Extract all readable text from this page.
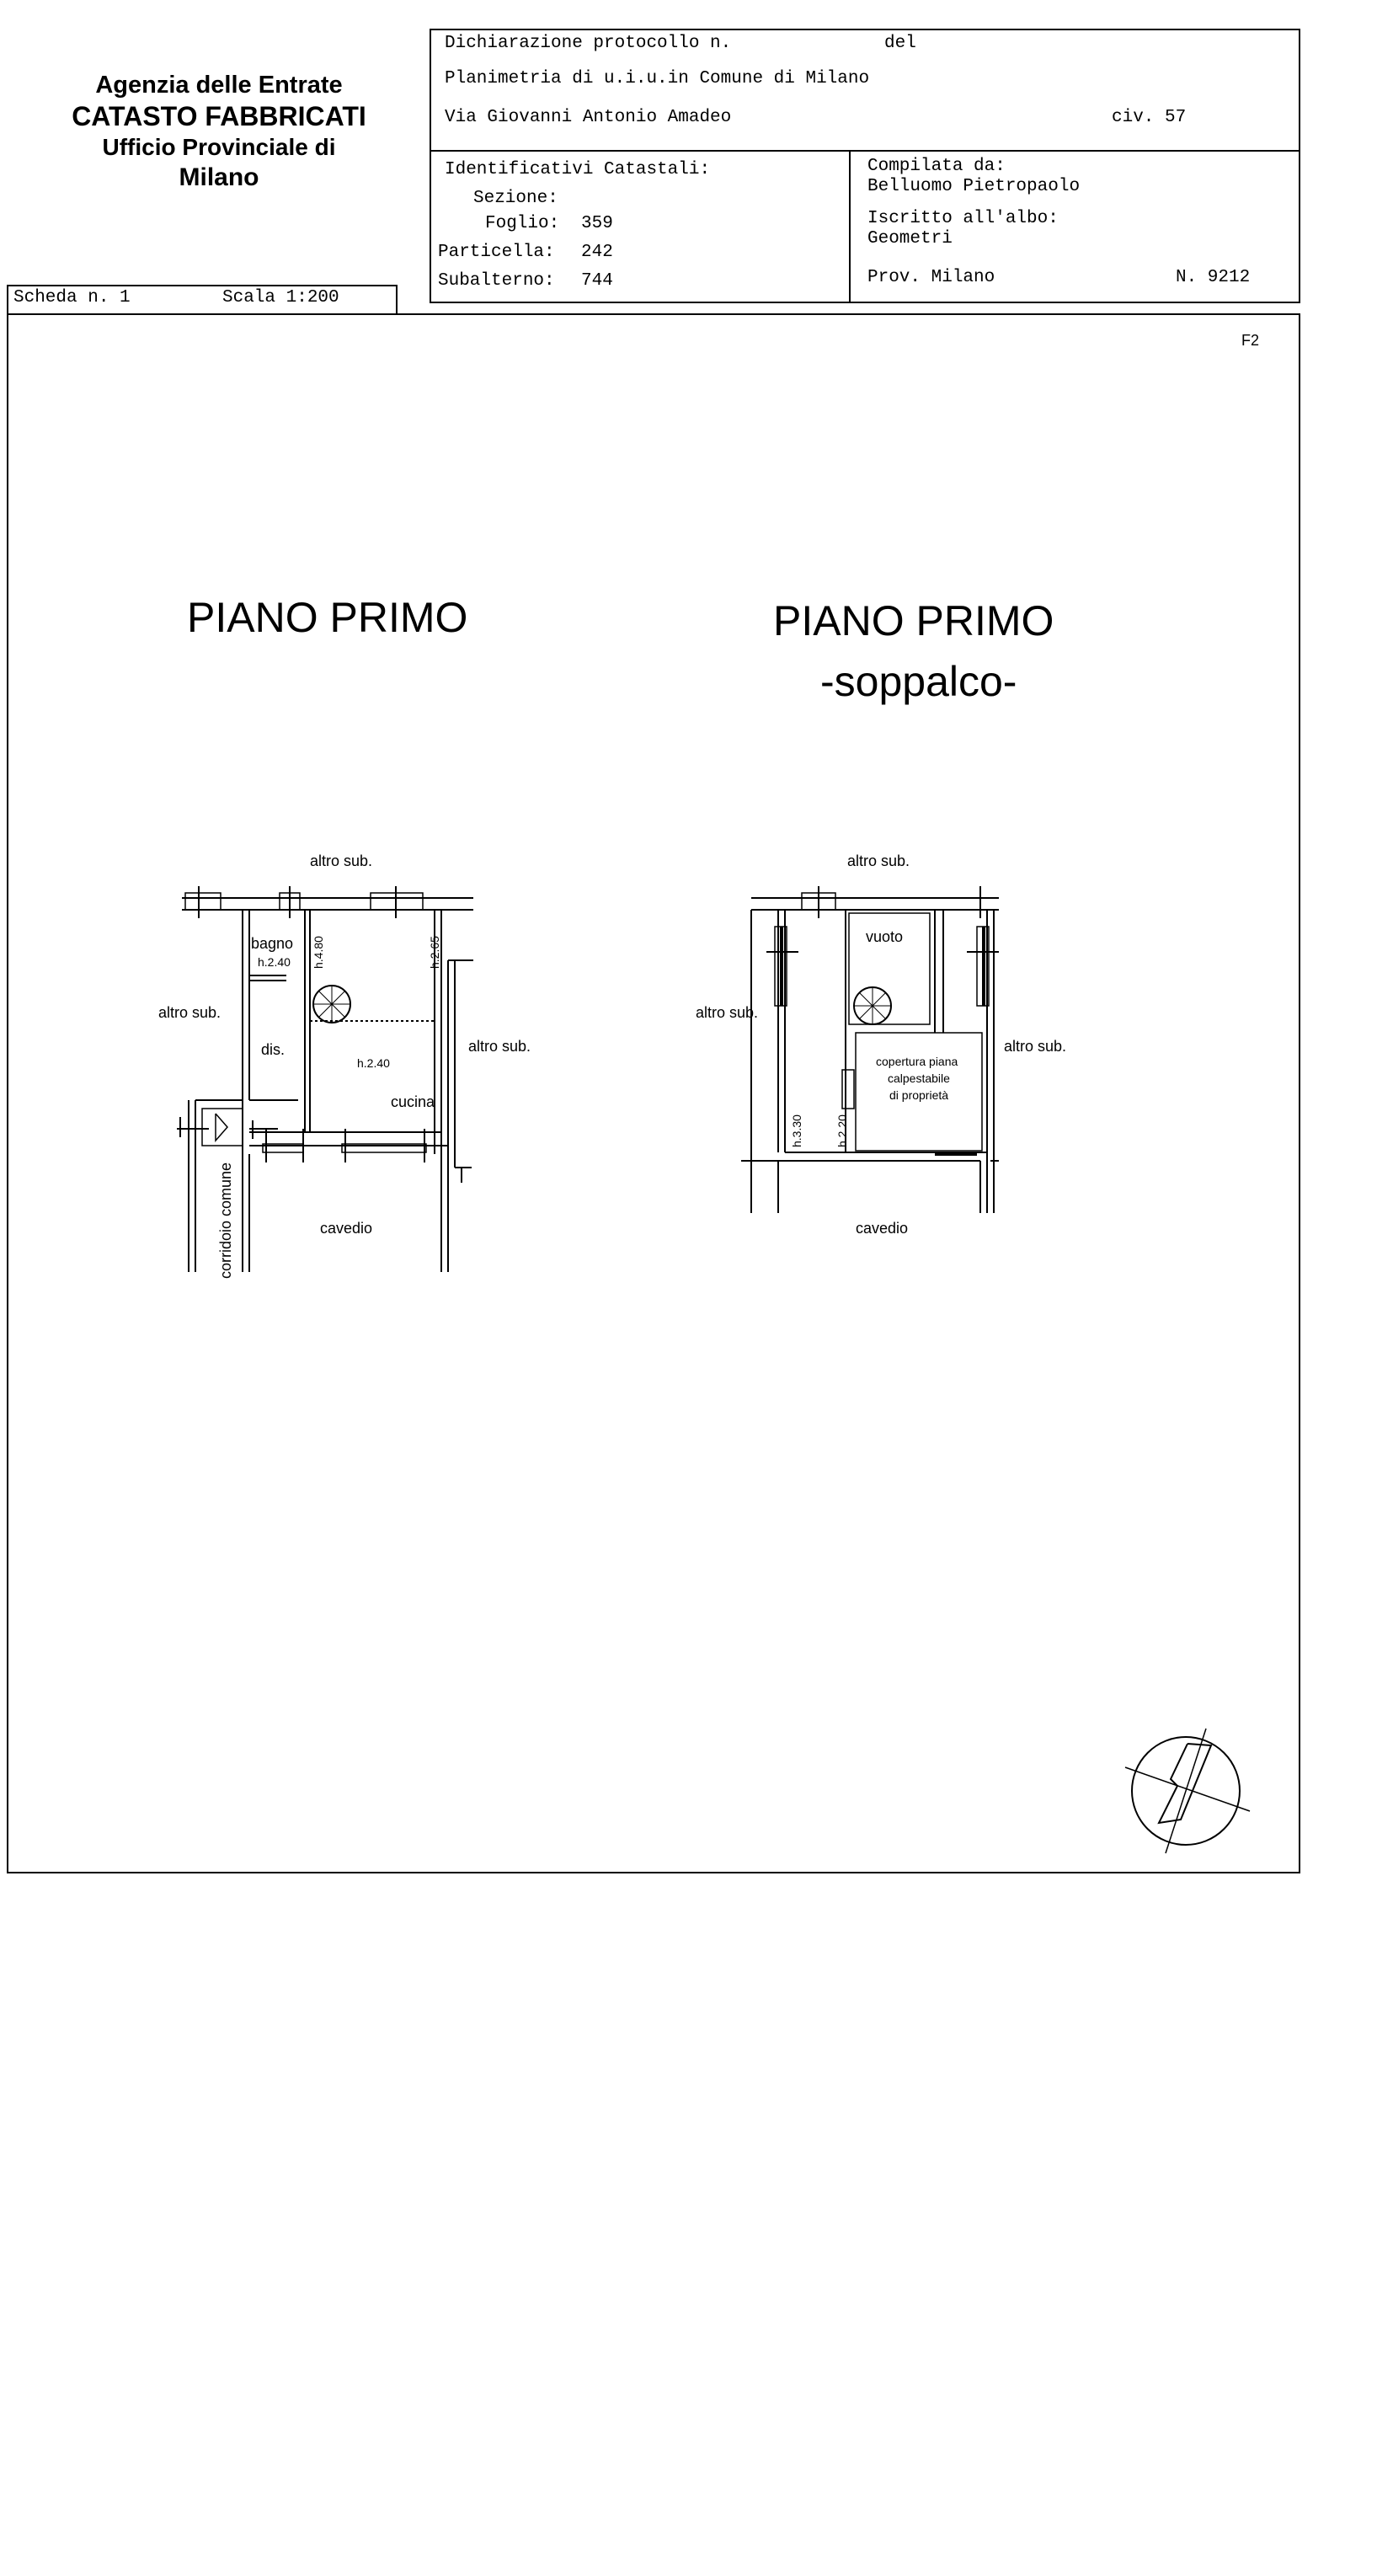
Agenzia delle Entrate
CATASTO FABBRICATI
Ufficio Provinciale di
Milano
Dichiarazione protocollo n.	del
Planimetria di u.i.u.in Comune di Milano
Via Giovanni Antonio Amadeo	civ. 57
Identificativi Catastali:
Sezione:
Foglio: 359
Particella: 242
Subalterno: 744
Compilata da:
Belluomo Pietropaolo
Iscritto all'albo:
Geometri
Prov. Milano	N. 9212
Scheda n. 1	Scala 1:200
F2
PIANO PRIMO	PIANO PRIMO
-soppalco-
altro sub.
altro sub.
altro sub.
cavedio
corridoio comune
bagno
h.2.40 h.4.80	h.2.65
dis.
h.2.40
cucina
altro sub.
altro sub.
altro sub.
cavedio
vuoto
copertura piana
calpestabile
di proprietà
h.3.30	h.2.20
